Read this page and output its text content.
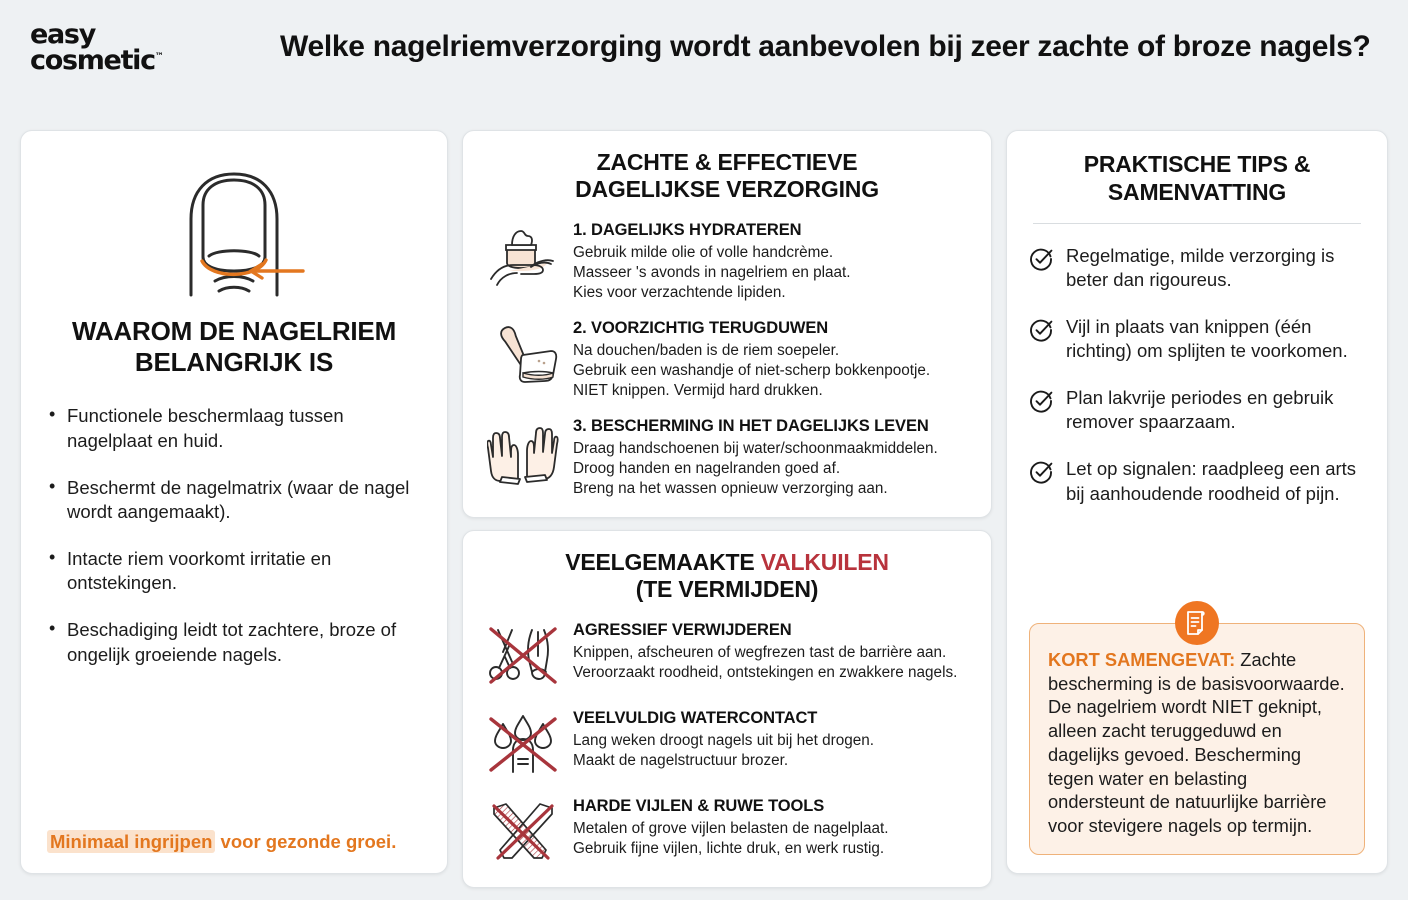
easy
cosmetic™	Welke nagelriemverzorging wordt aanbevolen bij zeer zachte of broze nagels?
WAAROM DE NAGELRIEM BELANGRIJK IS
• Functionele beschermlaag tussen nagelplaat en huid.
• Beschermt de nagelmatrix (waar de nagel wordt aangemaakt).
• Intacte riem voorkomt irritatie en ontstekingen.
• Beschadiging leidt tot zachtere, broze of ongelijk groeiende nagels.
Minimaal ingrijpen voor gezonde groei.
ZACHTE & EFFECTIEVE
DAGELIJKSE VERZORGING
1. DAGELIJKS HYDRATEREN
Gebruik milde olie of volle handcrème.
Masseer 's avonds in nagelriem en plaat.
Kies voor verzachtende lipiden.
2. VOORZICHTIG TERUGDUWEN
Na douchen/baden is de riem soepeler.
Gebruik een washandje of niet-scherp bokkenpootje.
NIET knippen. Vermijd hard drukken.
3. BESCHERMING IN HET DAGELIJKS LEVEN
Draag handschoenen bij water/schoonmaakmiddelen.
Droog handen en nagelranden goed af.
Breng na het wassen opnieuw verzorging aan.
VEELGEMAAKTE VALKUILEN
(TE VERMIJDEN)
AGRESSIEF VERWIJDEREN
Knippen, afscheuren of wegfrezen tast de barrière aan.
Veroorzaakt roodheid, ontstekingen en zwakkere nagels.
VEELVULDIG WATERCONTACT
Lang weken droogt nagels uit bij het drogen.
Maakt de nagelstructuur brozer.
HARDE VIJLEN & RUWE TOOLS
Metalen of grove vijlen belasten de nagelplaat.
Gebruik fijne vijlen, lichte druk, en werk rustig.
PRAKTISCHE TIPS &
SAMENVATTING
Regelmatige, milde verzorging is beter dan rigoureus.
Vijl in plaats van knippen (één richting) om splijten te voorkomen.
Plan lakvrije periodes en gebruik remover spaarzaam.
Let op signalen: raadpleeg een arts bij aanhoudende roodheid of pijn.
KORT SAMENGEVAT: Zachte bescherming is de basisvoorwaarde. De nagelriem wordt NIET geknipt, alleen zacht teruggeduwd en dagelijks gevoed. Bescherming tegen water en belasting ondersteunt de natuurlijke barrière voor stevigere nagels op termijn.
